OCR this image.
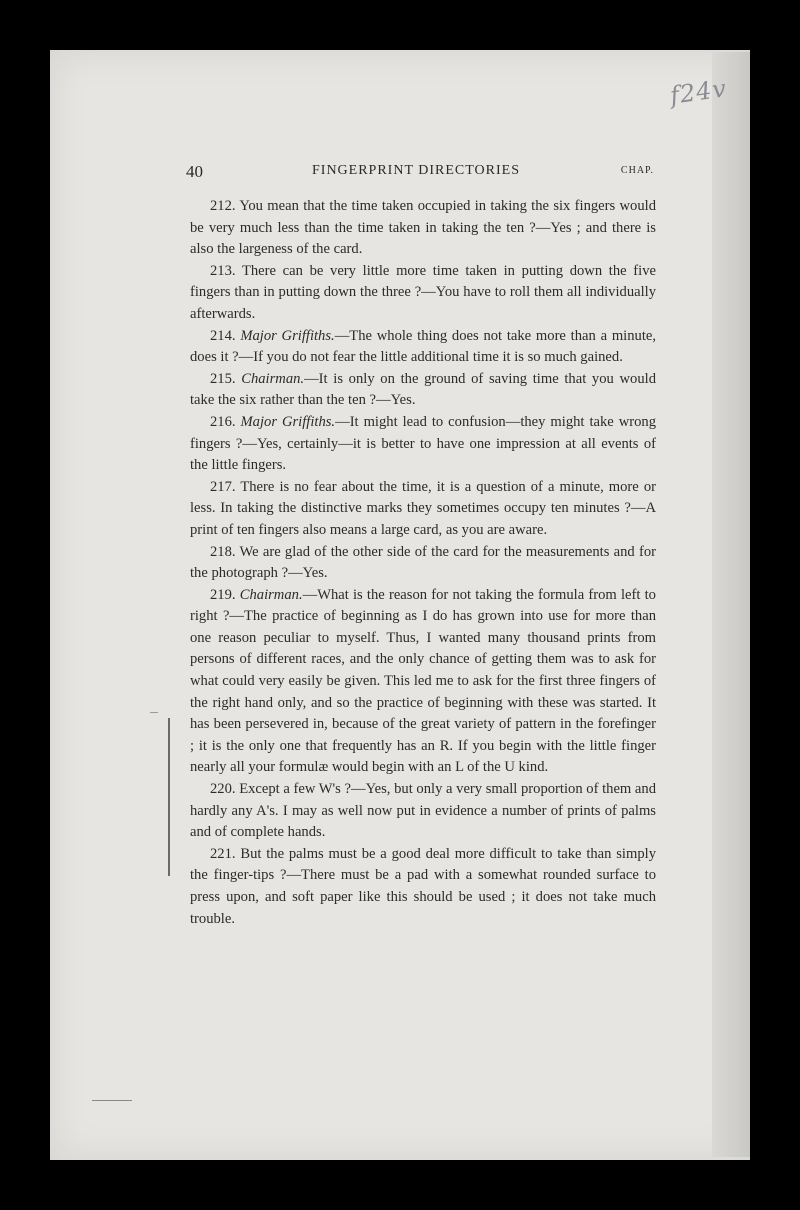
f24v
40	FINGERPRINT DIRECTORIES	CHAP.

212. You mean that the time taken occupied in taking the six fingers would be very much less than the time taken in taking the ten ?—Yes ; and there is also the largeness of the card.

213. There can be very little more time taken in putting down the five fingers than in putting down the three ?—You have to roll them all individually afterwards.

214. Major Griffiths.—The whole thing does not take more than a minute, does it ?—If you do not fear the little additional time it is so much gained.

215. Chairman.—It is only on the ground of saving time that you would take the six rather than the ten ?—Yes.

216. Major Griffiths.—It might lead to confusion—they might take wrong fingers ?—Yes, certainly—it is better to have one impression at all events of the little fingers.

217. There is no fear about the time, it is a question of a minute, more or less. In taking the distinctive marks they sometimes occupy ten minutes ?—A print of ten fingers also means a large card, as you are aware.

218. We are glad of the other side of the card for the measurements and for the photograph ?—Yes.

219. Chairman.—What is the reason for not taking the formula from left to right ?—The practice of beginning as I do has grown into use for more than one reason peculiar to myself. Thus, I wanted many thousand prints from persons of different races, and the only chance of getting them was to ask for what could very easily be given. This led me to ask for the first three fingers of the right hand only, and so the practice of beginning with these was started. It has been persevered in, because of the great variety of pattern in the forefinger ; it is the only one that frequently has an R. If you begin with the little finger nearly all your formulæ would begin with an L of the U kind.

220. Except a few W's ?—Yes, but only a very small proportion of them and hardly any A's. I may as well now put in evidence a number of prints of palms and of complete hands.

221. But the palms must be a good deal more difficult to take than simply the finger-tips ?—There must be a pad with a somewhat rounded surface to press upon, and soft paper like this should be used ; it does not take much trouble.
